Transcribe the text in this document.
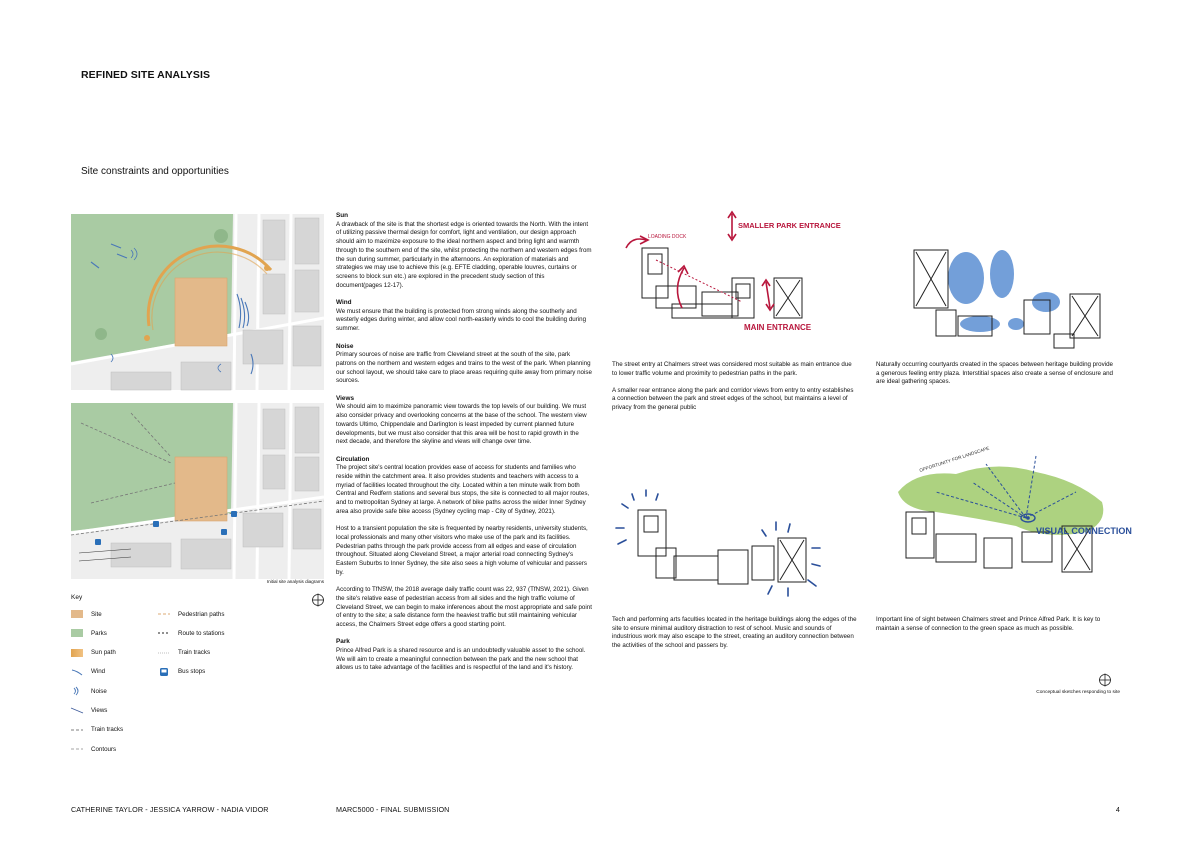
REFINED SITE ANALYSIS
Site constraints and opportunities
Initial site analysis diagrams
Key
Site
Parks
Sun path
Wind
Noise
Views
Train tracks
Contours
Pedestrian paths
Route to stations
Train tracks
Bus stops
Sun

A drawback of the site is that the shortest edge is oriented towards the North. With the intent of utilizing passive thermal design for comfort, light and ventilation, our design approach should aim to maximize exposure to the ideal northern aspect and bring light and warmth through to the southern end of the site, whilst protecting the northern and western edges from the sun during summer, particularly in the afternoons. An exploration of materials and strategies we may use to achieve this (e.g. EFTE cladding, operable louvres, curtains or screens to block sun etc.) are explored in the precedent study section of this document(pages 12-17).

Wind

We must ensure that the building is protected from strong winds along the southerly and westerly edges during winter, and allow cool north-easterly winds to cool the building during summer.

Noise

Primary sources of noise are traffic from Cleveland street at the south of the site, park patrons on the northern and western edges and trains to the west of the park. When planning our school layout, we should take care to place areas requiring quite away from primary noise sources.

Views

We should aim to maximize panoramic view towards the top levels of our building. We must also consider privacy and overlooking concerns at the base of the school. The western view towards Ultimo, Chippendale and Darlington is least impeded by current planned future developments, but we must also consider that this area will be host to rapid growth in the next decade, and therefore the skyline and views will change over time.

Circulation

The project site's central location provides ease of access for students and families who reside within the catchment area. It also provides students and teachers with access to a myriad of facilities located throughout the city. Located within a ten minute walk from both Central and Redfern stations and several bus stops, the site is connected to all major routes, and to metropolitan Sydney at large. A network of bike paths across the wider Inner Sydney area also provide safe bike access (Sydney cycling map - City of Sydney, 2021).

Host to a transient population the site is frequented by nearby residents, university students, local professionals and many other visitors who make use of the park and its facilities. Pedestrian paths through the park provide access from all edges and ease of circulation throughout. Situated along Cleveland Street, a major arterial road connecting Sydney's Eastern Suburbs to Inner Sydney, the site also sees a high volume of vehicular and passers by.

According to TfNSW, the 2018 average daily traffic count was 22, 937 (TfNSW, 2021). Given the site's relative ease of pedestrian access from all sides and the high traffic volume of Cleveland Street, we can begin to make inferences about the most appropriate and safe point of entry to the site; a safe distance form the heaviest traffic but still maintaining vehicular access, the Chalmers Street edge offers a good starting point.

Park

Prince Alfred Park is a shared resource and is an undoubtedly valuable asset to the school. We will aim to create a meaningful connection between the park and the new school that allows us to take advantage of the facilities and is respectful of the land and it's history.

LOADING DOCK
SMALLER PARK ENTRANCE
MAIN ENTRANCE

The street entry at Chalmers street was considered most suitable as main entrance due to lower traffic volume and proximity to pedestrian paths in the park.

A smaller rear entrance along the park and corridor views from entry to entry establishes a connection between the park and street edges of the school, but maintains a level of privacy from the general public

Naturally occurring courtyards created in the spaces between heritage building provide a generous feeling entry plaza. Interstitial spaces also create a sense of enclosure and are ideal gathering spaces.
Tech and performing arts faculties located in the heritage buildings along the edges of the site to ensure minimal auditory distraction to rest of school. Music and sounds of industrious work may also escape to the street, creating an auditory connection between the activities of the school and passers by.
OPPORTUNITY FOR LANDSCAPE
VISUAL CONNECTION
Important line of sight between Chalmers street and Prince Alfred Park. It is key to maintain a sense of connection to the green space as much as possible.
Conceptual sketches responding to site
CATHERINE TAYLOR - JESSICA YARROW - NADIA VIDOR	MARC5000 - FINAL SUBMISSION	4
